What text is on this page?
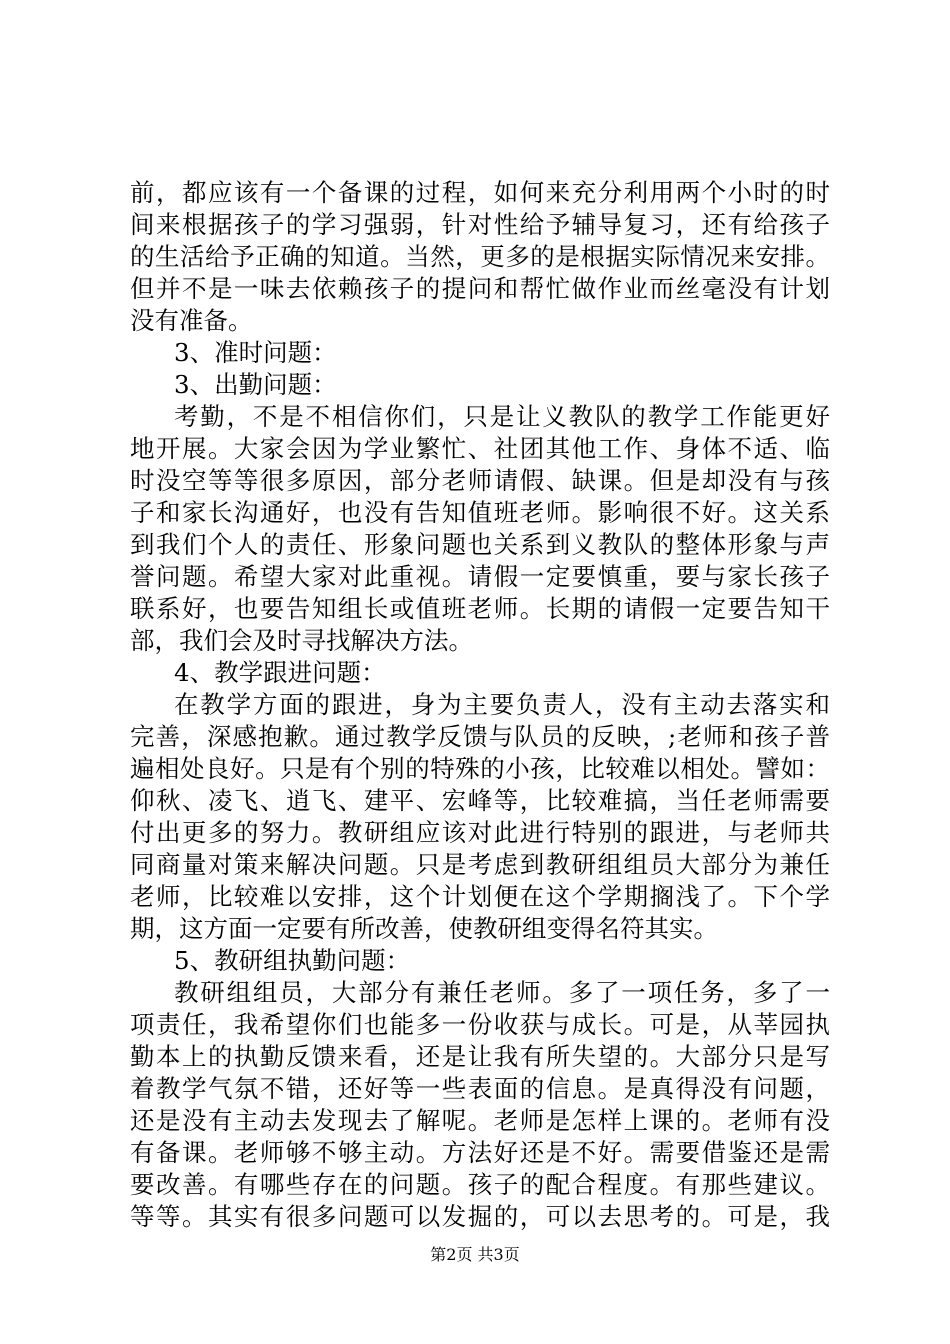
前，都应该有一个备课的过程，如何来充分利用两个小时的时
间来根据孩子的学习强弱，针对性给予辅导复习，还有给孩子
的生活给予正确的知道。当然，更多的是根据实际情况来安排。
但并不是一味去依赖孩子的提问和帮忙做作业而丝毫没有计划
没有准备。
3、准时问题：
3、出勤问题：
考勤，不是不相信你们，只是让义教队的教学工作能更好
地开展。大家会因为学业繁忙、社团其他工作、身体不适、临
时没空等等很多原因，部分老师请假、缺课。但是却没有与孩
子和家长沟通好，也没有告知值班老师。影响很不好。这关系
到我们个人的责任、形象问题也关系到义教队的整体形象与声
誉问题。希望大家对此重视。请假一定要慎重，要与家长孩子
联系好，也要告知组长或值班老师。长期的请假一定要告知干
部，我们会及时寻找解决方法。
4、教学跟进问题：
在教学方面的跟进，身为主要负责人，没有主动去落实和
完善，深感抱歉。通过教学反馈与队员的反映，;老师和孩子普
遍相处良好。只是有个别的特殊的小孩，比较难以相处。譬如：
仰秋、凌飞、逍飞、建平、宏峰等，比较难搞，当任老师需要
付出更多的努力。教研组应该对此进行特别的跟进，与老师共
同商量对策来解决问题。只是考虑到教研组组员大部分为兼任
老师，比较难以安排，这个计划便在这个学期搁浅了。下个学
期，这方面一定要有所改善，使教研组变得名符其实。
5、教研组执勤问题：
教研组组员，大部分有兼任老师。多了一项任务，多了一
项责任，我希望你们也能多一份收获与成长。可是，从莘园执
勤本上的执勤反馈来看，还是让我有所失望的。大部分只是写
着教学气氛不错，还好等一些表面的信息。是真得没有问题，
还是没有主动去发现去了解呢。老师是怎样上课的。老师有没
有备课。老师够不够主动。方法好还是不好。需要借鉴还是需
要改善。有哪些存在的问题。孩子的配合程度。有那些建议。
等等。其实有很多问题可以发掘的，可以去思考的。可是，我
第2页 共3页
